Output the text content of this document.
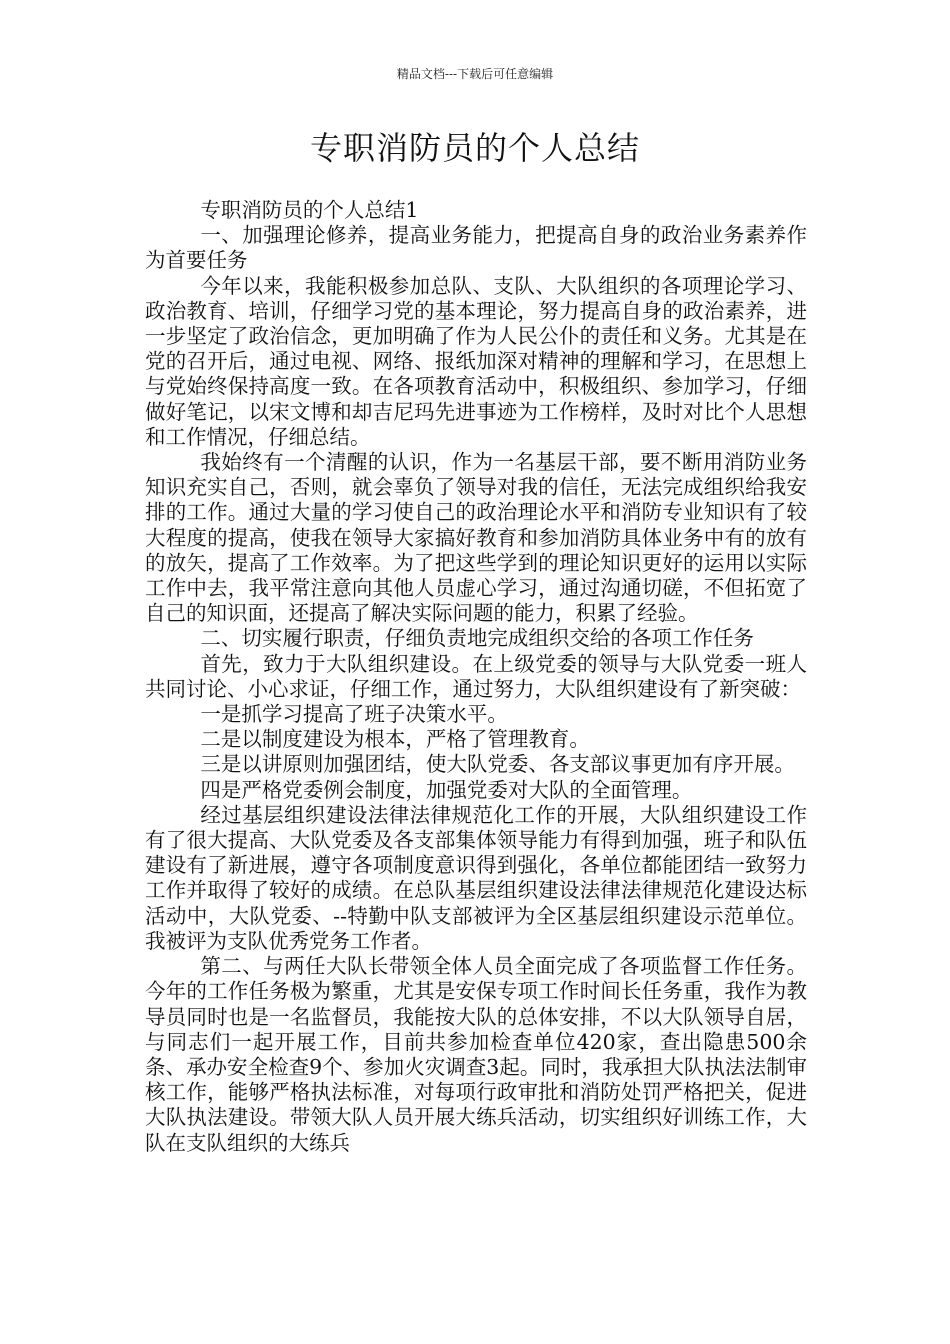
精品文档---下载后可任意编辑
专职消防员的个人总结

专职消防员的个人总结1

一、加强理论修养，提高业务能力，把提高自身的政治业务素养作为首要任务

今年以来，我能积极参加总队、支队、大队组织的各项理论学习、政治教育、培训，仔细学习党的基本理论，努力提高自身的政治素养，进一步坚定了政治信念，更加明确了作为人民公仆的责任和义务。尤其是在党的召开后，通过电视、网络、报纸加深对精神的理解和学习，在思想上与党始终保持高度一致。在各项教育活动中，积极组织、参加学习，仔细做好笔记，以宋文博和却吉尼玛先进事迹为工作榜样，及时对比个人思想和工作情况，仔细总结。

我始终有一个清醒的认识，作为一名基层干部，要不断用消防业务知识充实自己，否则，就会辜负了领导对我的信任，无法完成组织给我安排的工作。通过大量的学习使自己的政治理论水平和消防专业知识有了较大程度的提高，使我在领导大家搞好教育和参加消防具体业务中有的放有的放矢，提高了工作效率。为了把这些学到的理论知识更好的运用以实际工作中去，我平常注意向其他人员虚心学习，通过沟通切磋，不但拓宽了自己的知识面，还提高了解决实际问题的能力，积累了经验。

二、切实履行职责，仔细负责地完成组织交给的各项工作任务

首先，致力于大队组织建设。在上级党委的领导与大队党委一班人共同讨论、小心求证，仔细工作，通过努力，大队组织建设有了新突破：

一是抓学习提高了班子决策水平。

二是以制度建设为根本，严格了管理教育。

三是以讲原则加强团结，使大队党委、各支部议事更加有序开展。

四是严格党委例会制度，加强党委对大队的全面管理。

经过基层组织建设法律法律规范化工作的开展，大队组织建设工作有了很大提高、大队党委及各支部集体领导能力有得到加强，班子和队伍建设有了新进展，遵守各项制度意识得到强化，各单位都能团结一致努力工作并取得了较好的成绩。在总队基层组织建设法律法律规范化建设达标活动中，大队党委、--特勤中队支部被评为全区基层组织建设示范单位。我被评为支队优秀党务工作者。

第二、与两任大队长带领全体人员全面完成了各项监督工作任务。今年的工作任务极为繁重，尤其是安保专项工作时间长任务重，我作为教导员同时也是一名监督员，我能按大队的总体安排，不以大队领导自居，与同志们一起开展工作，目前共参加检查单位420家，查出隐患500余条、承办安全检查9个、参加火灾调查3起。同时，我承担大队执法法制审核工作，能够严格执法标准，对每项行政审批和消防处罚严格把关，促进大队执法建设。带领大队人员开展大练兵活动，切实组织好训练工作，大队在支队组织的大练兵
